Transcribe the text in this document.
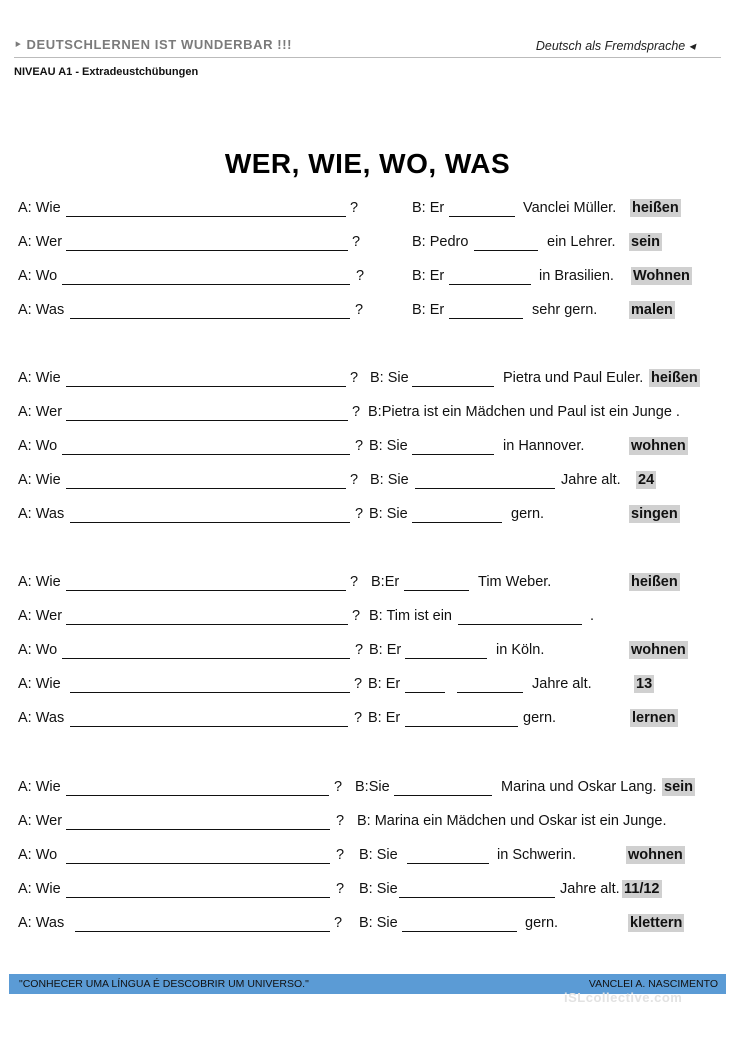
‣ DEUTSCHLERNEN IST WUNDERBAR !!!	Deutsch als Fremdsprache ◂
NIVEAU A1 - Extradeustchübungen
WER, WIE, WO, WAS
A: Wie	?	B: Er	Vanclei Müller. heißen
A: Wer	?	B: Pedro	ein Lehrer. sein
A: Wo	?	B: Er	in Brasilien. Wohnen
A: Was	?	B: Er	sehr gern. malen
A: Wie	? B: Sie	Pietra und Paul Euler. heißen
A: Wer	? B:Pietra ist ein Mädchen und Paul ist ein Junge .
A: Wo	? B: Sie	in Hannover.	wohnen
A: Wie	? B: Sie	Jahre alt. 24
A: Was	? B: Sie	gern.	singen
A: Wie	? B:Er	Tim Weber.	heißen
A: Wer	? B: Tim ist ein	.
A: Wo	? B: Er	in Köln.	wohnen
A: Wie	? B: Er	Jahre alt.	13
A: Was	? B: Er	gern.	lernen
A: Wie	? B:Sie	Marina und Oskar Lang. sein
A: Wer	? B: Marina ein Mädchen und Oskar ist ein Junge.
A: Wo	? B: Sie	in Schwerin.	wohnen
A: Wie	? B: Sie	Jahre alt. 11/12
A: Was	? B: Sie	gern.	klettern
"CONHECER UMA LÍNGUA É DESCOBRIR UM UNIVERSO."	VANCLEI A. NASCIMENTO
iSLcollective.com
